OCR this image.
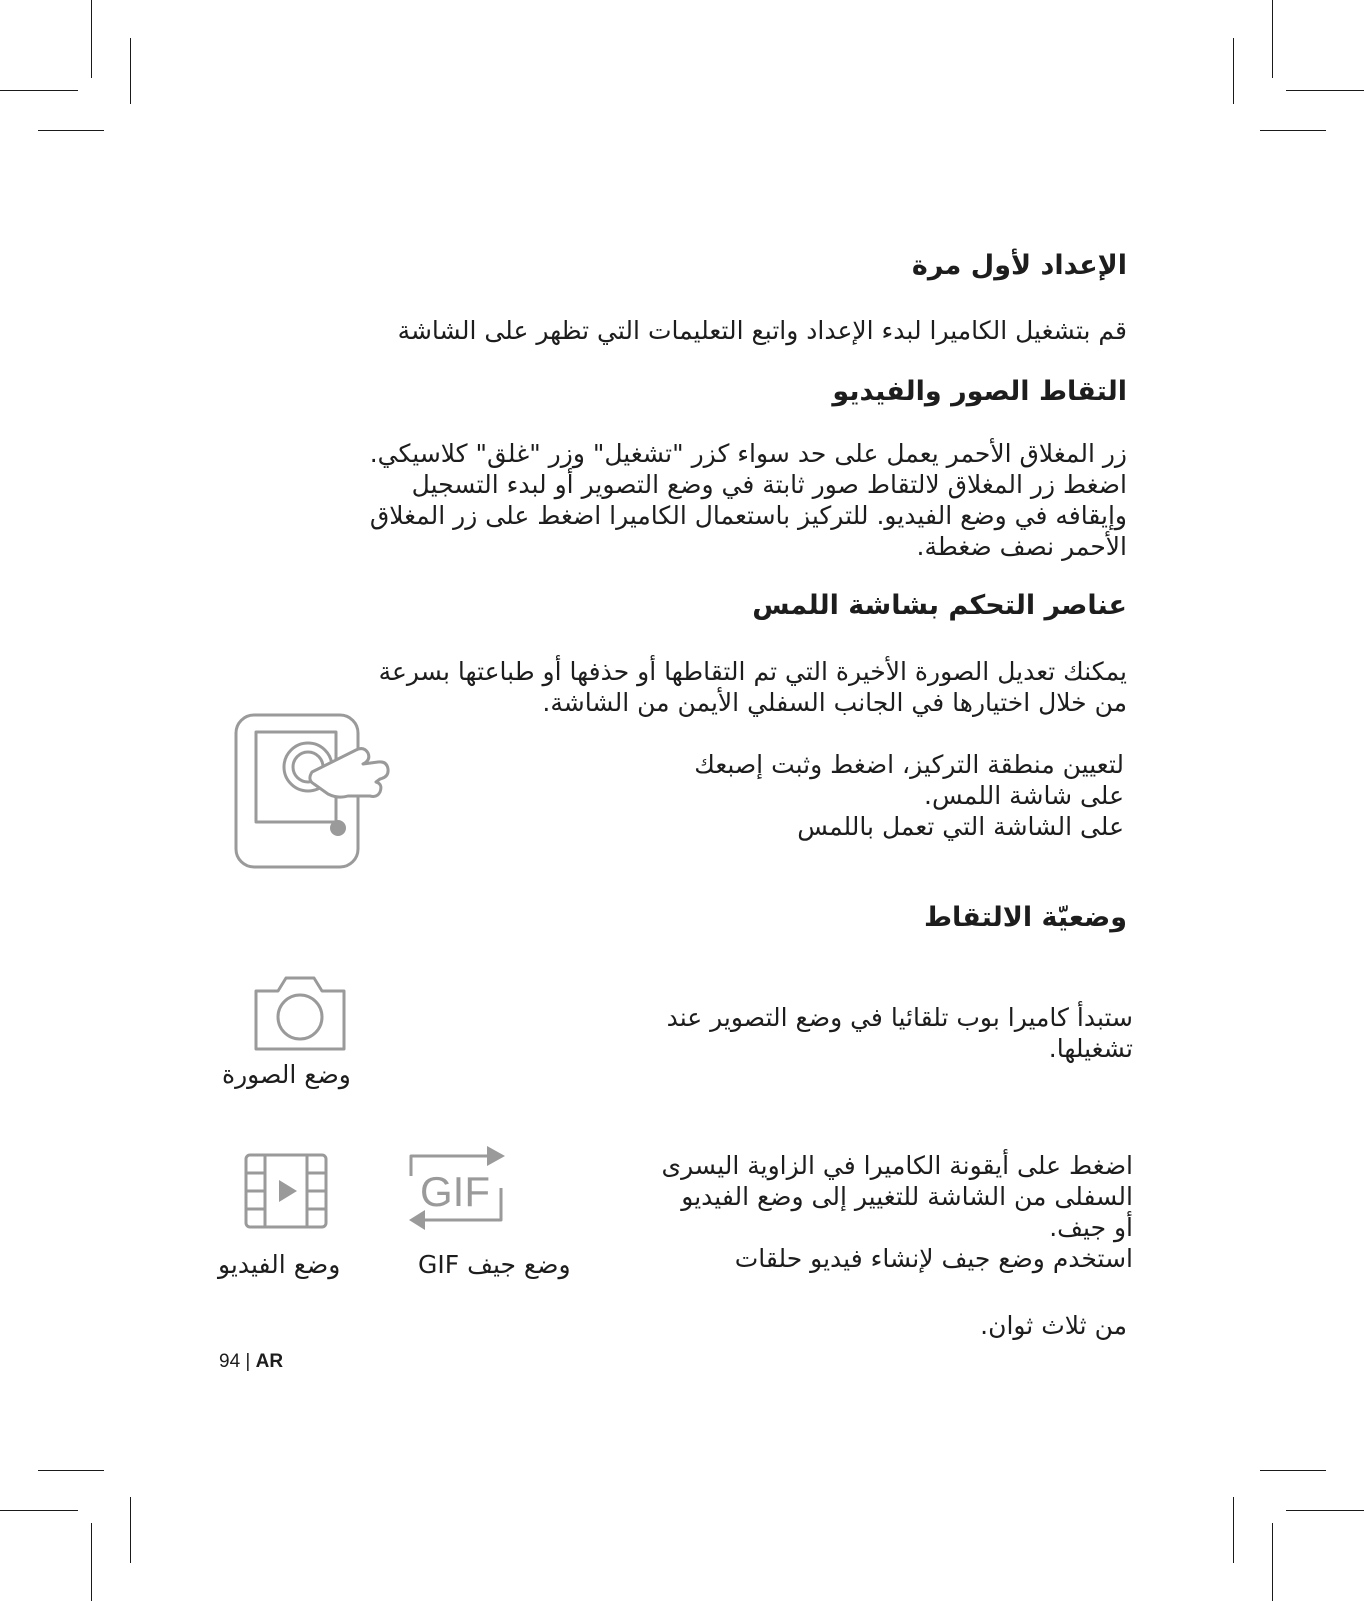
الإعداد لأول مرة

قم بتشغيل الكاميرا لبدء الإعداد واتبع التعليمات التي تظهر على الشاشة

التقاط الصور والفيديو
زر المغلاق الأحمر يعمل على حد سواء كزر "تشغيل" وزر "غلق" كلاسيكي.
اضغط زر المغلاق لالتقاط صور ثابتة في وضع التصوير أو لبدء التسجيل
وإيقافه في وضع الفيديو. للتركيز باستعمال الكاميرا اضغط على زر المغلاق
الأحمر نصف ضغطة.
عناصر التحكم بشاشة اللمس
يمكنك تعديل الصورة الأخيرة التي تم التقاطها أو حذفها أو طباعتها بسرعة
من خلال اختيارها في الجانب السفلي الأيمن من الشاشة.
لتعيين منطقة التركيز، اضغط وثبت إصبعك
على شاشة اللمس.
على الشاشة التي تعمل باللمس
وضعيّة الالتقاط
ستبدأ كاميرا بوب تلقائيا في وضع التصوير عند
تشغيلها.
وضع الصورة
اضغط على أيقونة الكاميرا في الزاوية اليسرى
السفلى من الشاشة للتغيير إلى وضع الفيديو
أو جيف.
استخدم وضع جيف لإنشاء فيديو حلقات
من ثلاث ثوان.
وضع الفيديو
GIF
وضع جيف GIF
94 | AR
